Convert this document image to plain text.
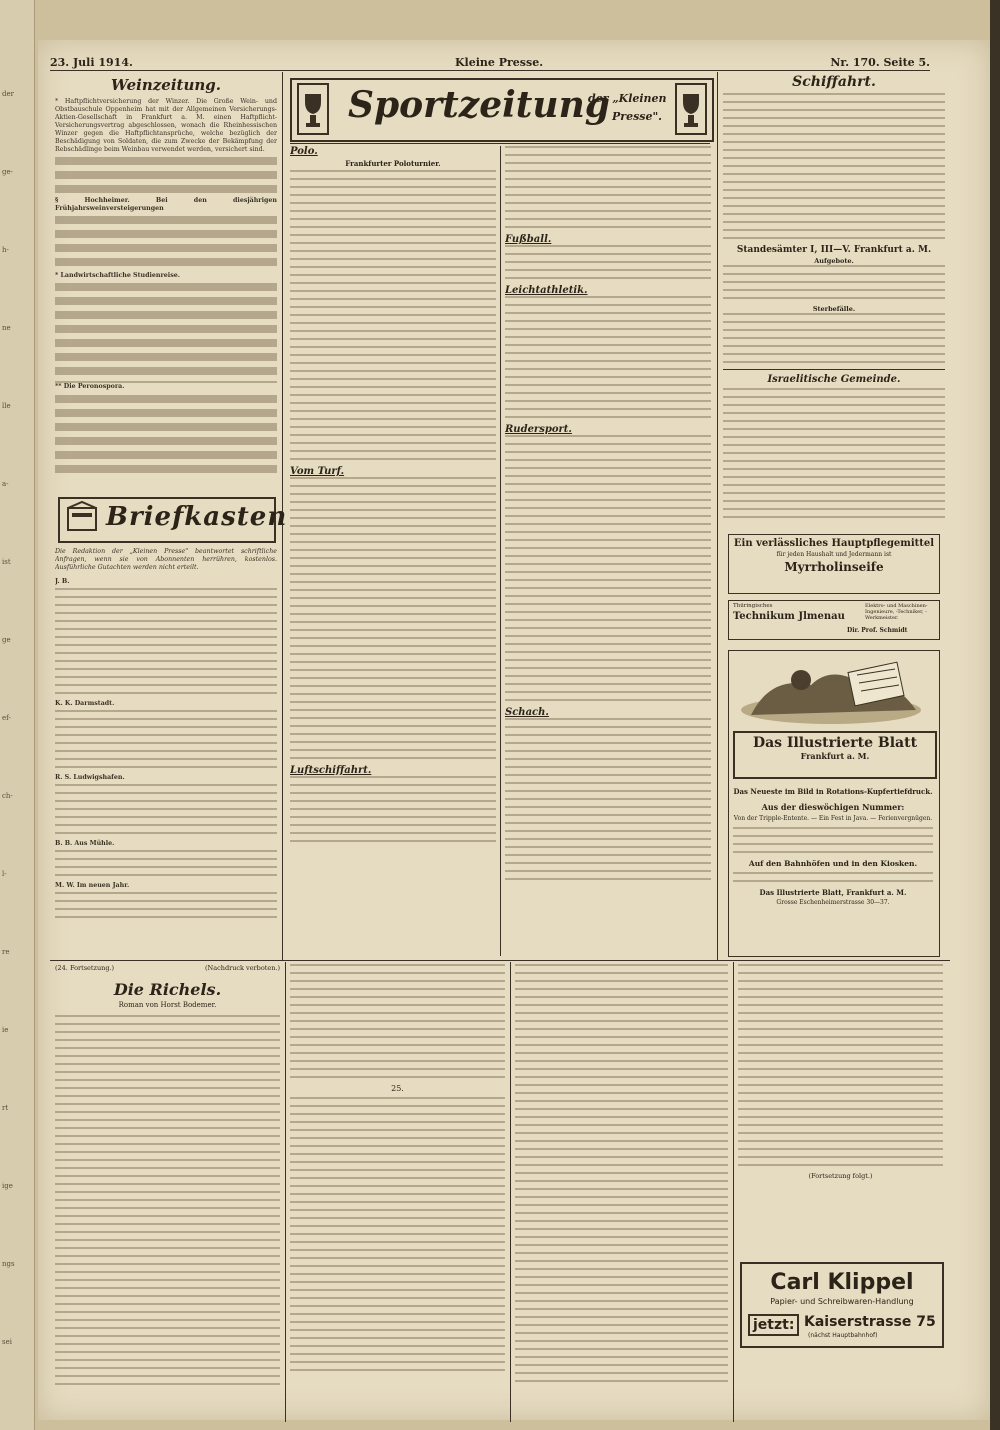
der
ge-
h-
ne
lle
a-
ist
ge
ef-
ch-
l-
re
ie
rt
ige
ngs
sei
23. Juli 1914.	Kleine Presse.	Nr. 170. Seite 5.
Weinzeitung.

* Haftpflichtversicherung der Winzer. Die Große Wein- und Obstbauschule Oppenheim hat mit der Allgemeinen Versicherungs-Aktien-Gesellschaft in Frankfurt a. M. einen Haftpflicht-Versicherungsvertrag abgeschlossen, wonach die Rheinhessischen Winzer gegen die Haftpflichtansprüche, welche bezüglich der Beschädigung von Soldaten, die zum Zwecke der Bekämpfung der Rebschädlinge beim Weinbau verwendet werden, versichert sind.

§ Hochheimer. Bei den diesjährigen Frühjahrsweinversteigerungen

* Landwirtschaftliche Studienreise.

** Die Peronospora.

Briefkasten

Die Redaktion der „Kleinen Presse" beantwortet schriftliche Anfragen, wenn sie von Abonnenten herrühren, kostenlos. Ausführliche Gutachten werden nicht erteilt.

J. B.

K. K. Darmstadt.

R. S. Ludwigshafen.

B. B. Aus Mühle.

M. W. Im neuen Jahr.

Sportzeitung
der „Kleinen
Presse".
Polo.
Frankfurter Poloturnier.
Vom Turf.
Luftschiffahrt.
Fußball.
Leichtathletik.
Rudersport.
Schach.
Schiffahrt.
Standesämter I, III—V. Frankfurt a. M.
Aufgebote.
Sterbefälle.
Israelitische Gemeinde.
Ein verlässliches Hauptpflegemittel
für jeden Haushalt und Jedermann ist
Myrrholinseife
Thüringisches
Technikum Jlmenau
Elektro- und Maschinen-Ingenieure, -Techniker, -Werkmeister.
Dir. Prof. Schmidt
Das Illustrierte Blatt
Frankfurt a. M.
Das Neueste im Bild in Rotations-Kupfertiefdruck.
Aus der dieswöchigen Nummer:
Von der Tripple-Entente. — Ein Fest in Java. — Ferienvergnügen.
Auf den Bahnhöfen und in den Kiosken.
Das Illustrierte Blatt, Frankfurt a. M.
Grosse Eschenheimerstrasse 30—37.
(24. Fortsetzung.)	(Nachdruck verboten.)
Die Richels.
Roman von Horst Bodemer.
25.
(Fortsetzung folgt.)
Carl Klippel
Papier- und Schreibwaren-Handlung
jetzt: Kaiserstrasse 75
(nächst Hauptbahnhof)
